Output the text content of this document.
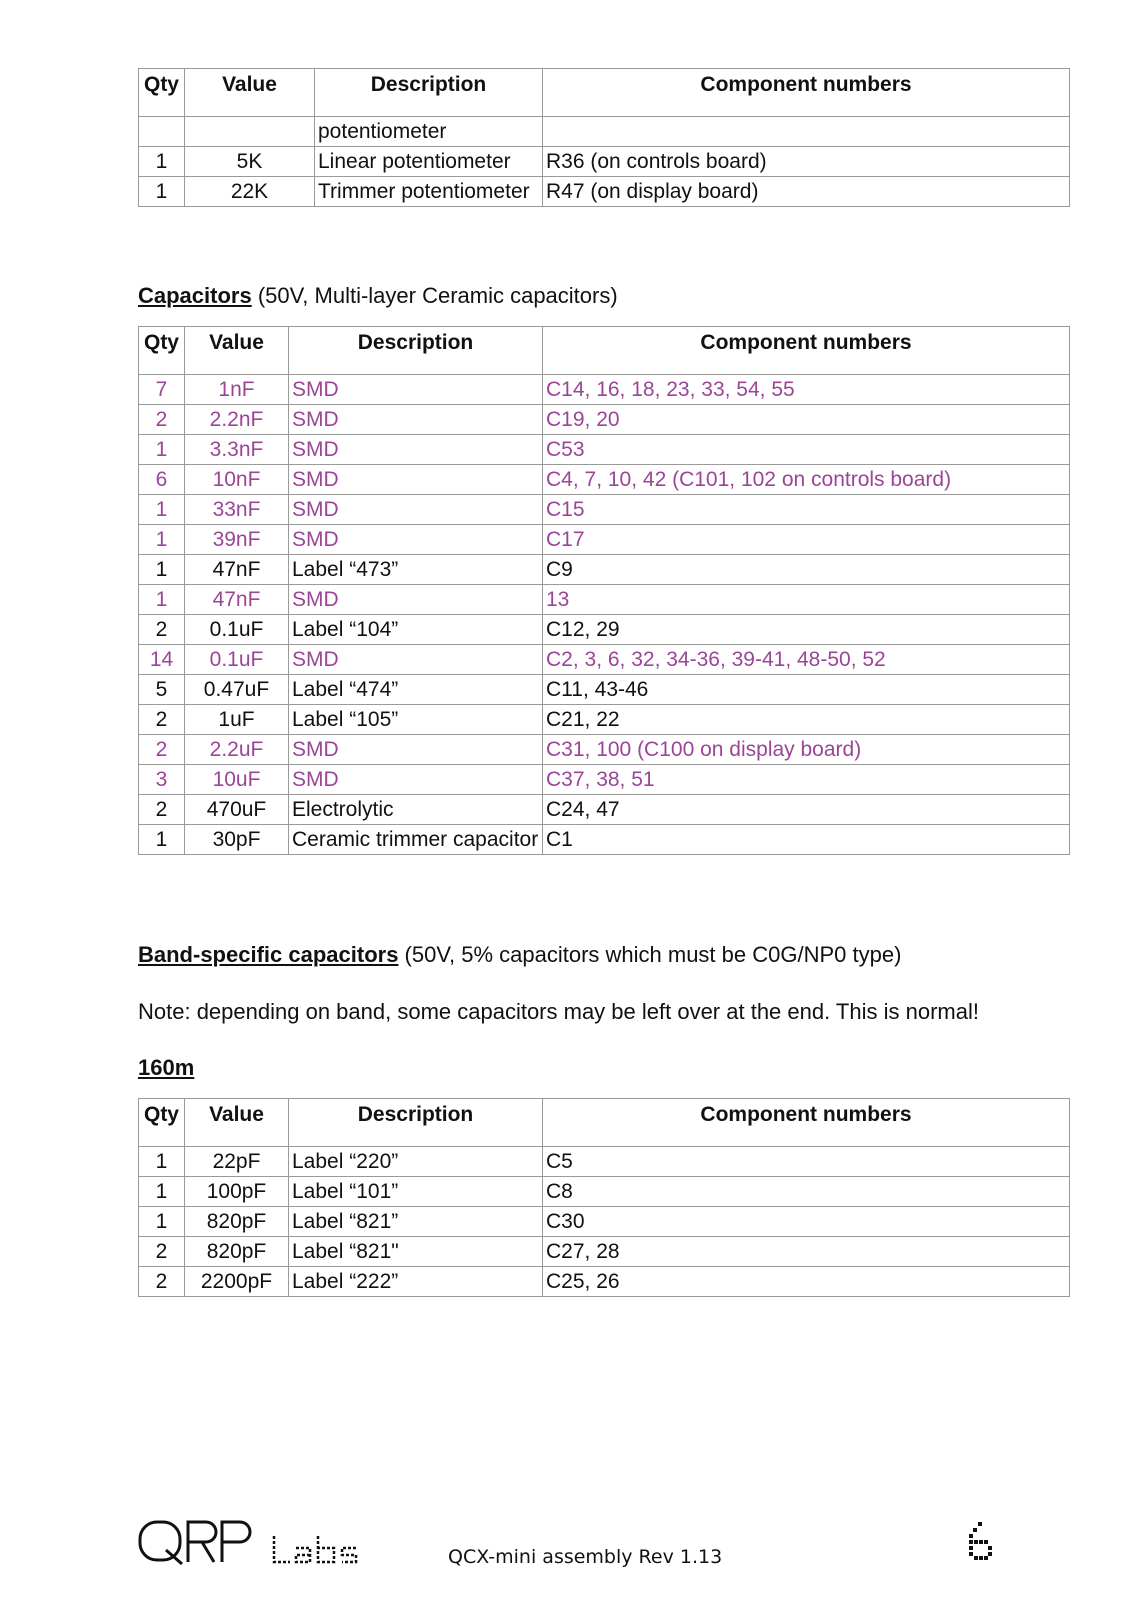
Qty	Value	Description	Component numbers
		potentiometer	
1	5K	Linear potentiometer	R36 (on controls board)
1	22K	Trimmer potentiometer	R47 (on display board)
Capacitors (50V, Multi-layer Ceramic capacitors)
Qty	Value	Description	Component numbers
7	1nF	SMD	C14, 16, 18, 23, 33, 54, 55
2	2.2nF	SMD	C19, 20
1	3.3nF	SMD	C53
6	10nF	SMD	C4, 7, 10, 42 (C101, 102 on controls board)
1	33nF	SMD	C15
1	39nF	SMD	C17
1	47nF	Label “473”	C9
1	47nF	SMD	13
2	0.1uF	Label “104”	C12, 29
14	0.1uF	SMD	C2, 3, 6, 32, 34-36, 39-41, 48-50, 52
5	0.47uF	Label “474”	C11, 43-46
2	1uF	Label “105”	C21, 22
2	2.2uF	SMD	C31, 100 (C100 on display board)
3	10uF	SMD	C37, 38, 51
2	470uF	Electrolytic	C24, 47
1	30pF	Ceramic trimmer capacitor	C1
Band-specific capacitors (50V, 5% capacitors which must be C0G/NP0 type)
Note: depending on band, some capacitors may be left over at the end. This is normal!
160m
Qty	Value	Description	Component numbers
1	22pF	Label “220”	C5
1	100pF	Label “101”	C8
1	820pF	Label “821”	C30
2	820pF	Label “821"	C27, 28
2	2200pF	Label “222”	C25, 26
QCX-mini assembly Rev 1.13
